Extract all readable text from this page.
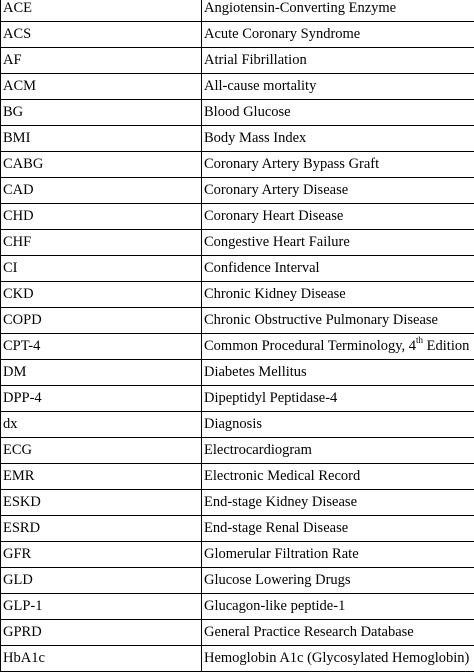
ACE	Angiotensin-Converting Enzyme
ACS	Acute Coronary Syndrome
AF	Atrial Fibrillation
ACM	All-cause mortality
BG	Blood Glucose
BMI	Body Mass Index
CABG	Coronary Artery Bypass Graft
CAD	Coronary Artery Disease
CHD	Coronary Heart Disease
CHF	Congestive Heart Failure
CI	Confidence Interval
CKD	Chronic Kidney Disease
COPD	Chronic Obstructive Pulmonary Disease
CPT-4	Common Procedural Terminology, 4th Edition
DM	Diabetes Mellitus
DPP-4	Dipeptidyl Peptidase-4
dx	Diagnosis
ECG	Electrocardiogram
EMR	Electronic Medical Record
ESKD	End-stage Kidney Disease
ESRD	End-stage Renal Disease
GFR	Glomerular Filtration Rate
GLD	Glucose Lowering Drugs
GLP-1	Glucagon-like peptide-1
GPRD	General Practice Research Database
HbA1c	Hemoglobin A1c (Glycosylated Hemoglobin)
